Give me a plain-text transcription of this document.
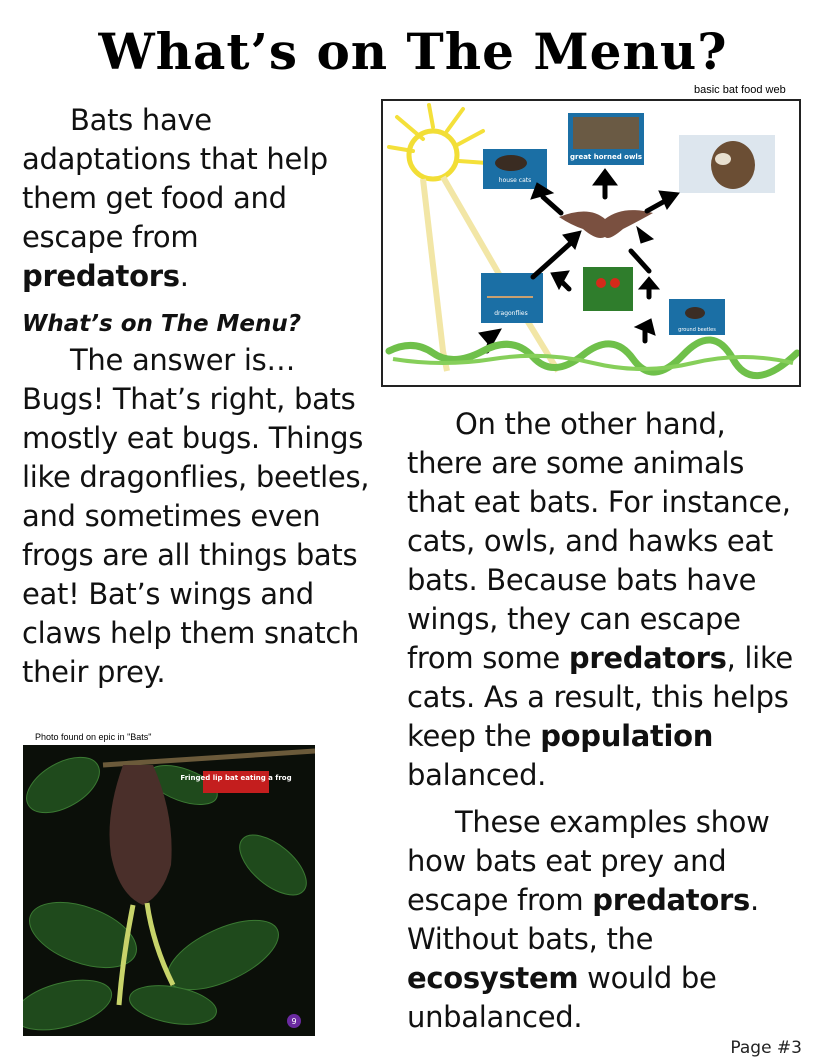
What’s on The Menu?
basic bat food web
Bats have adaptations that help them get food and escape from predators.
What’s on The Menu?
The answer is… Bugs! That’s right, bats mostly eat bugs. Things like dragonflies, beetles, and sometimes even frogs are all things bats eat! Bat’s wings and claws help them snatch their prey.
great horned owls
house cats
dragonflies
ground beetles
On the other hand, there are some animals that eat bats. For instance, cats, owls, and hawks eat bats. Because bats have wings, they can escape from some predators, like cats. As a result, this helps keep the population balanced.
These examples show how bats eat prey and escape from predators. Without bats, the ecosystem would be unbalanced.
Photo found on epic in "Bats"
Fringed lip bat eating a frog
9
Page #3
